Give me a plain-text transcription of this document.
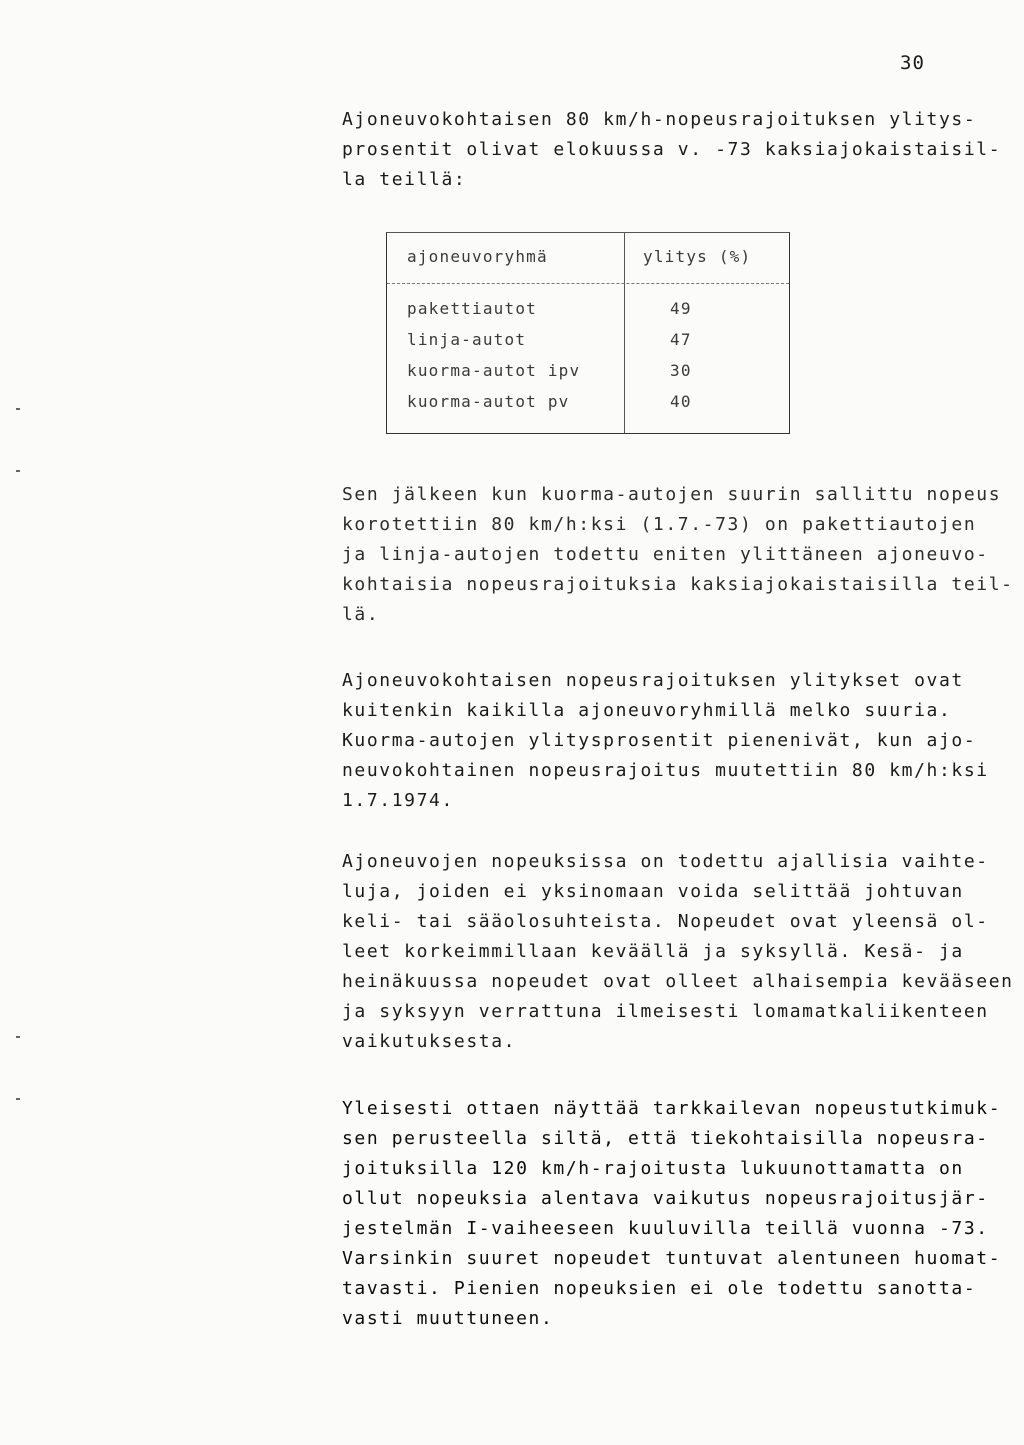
30
Ajoneuvokohtaisen 80 km/h-nopeusrajoituksen ylitys-
prosentit olivat elokuussa v. -73 kaksiajokaistaisil-
la teillä:
ajoneuvoryhmä	ylitys (%)
pakettiautot	49
linja-autot	47
kuorma-autot ipv	30
kuorma-autot pv	40
Sen jälkeen kun kuorma-autojen suurin sallittu nopeus
korotettiin 80 km/h:ksi (1.7.-73) on pakettiautojen
ja linja-autojen todettu eniten ylittäneen ajoneuvo-
kohtaisia nopeusrajoituksia kaksiajokaistaisilla teil-
lä.
Ajoneuvokohtaisen nopeusrajoituksen ylitykset ovat
kuitenkin kaikilla ajoneuvoryhmillä melko suuria.
Kuorma-autojen ylitysprosentit pienenivät, kun ajo-
neuvokohtainen nopeusrajoitus muutettiin 80 km/h:ksi
1.7.1974.
Ajoneuvojen nopeuksissa on todettu ajallisia vaihte-
luja, joiden ei yksinomaan voida selittää johtuvan
keli- tai sääolosuhteista. Nopeudet ovat yleensä ol-
leet korkeimmillaan keväällä ja syksyllä. Kesä- ja
heinäkuussa nopeudet ovat olleet alhaisempia kevääseen
ja syksyyn verrattuna ilmeisesti lomamatkaliikenteen
vaikutuksesta.
Yleisesti ottaen näyttää tarkkailevan nopeustutkimuk-
sen perusteella siltä, että tiekohtaisilla nopeusra-
joituksilla 120 km/h-rajoitusta lukuunottamatta on
ollut nopeuksia alentava vaikutus nopeusrajoitusjär-
jestelmän I-vaiheeseen kuuluvilla teillä vuonna -73.
Varsinkin suuret nopeudet tuntuvat alentuneen huomat-
tavasti. Pienien nopeuksien ei ole todettu sanotta-
vasti muuttuneen.
